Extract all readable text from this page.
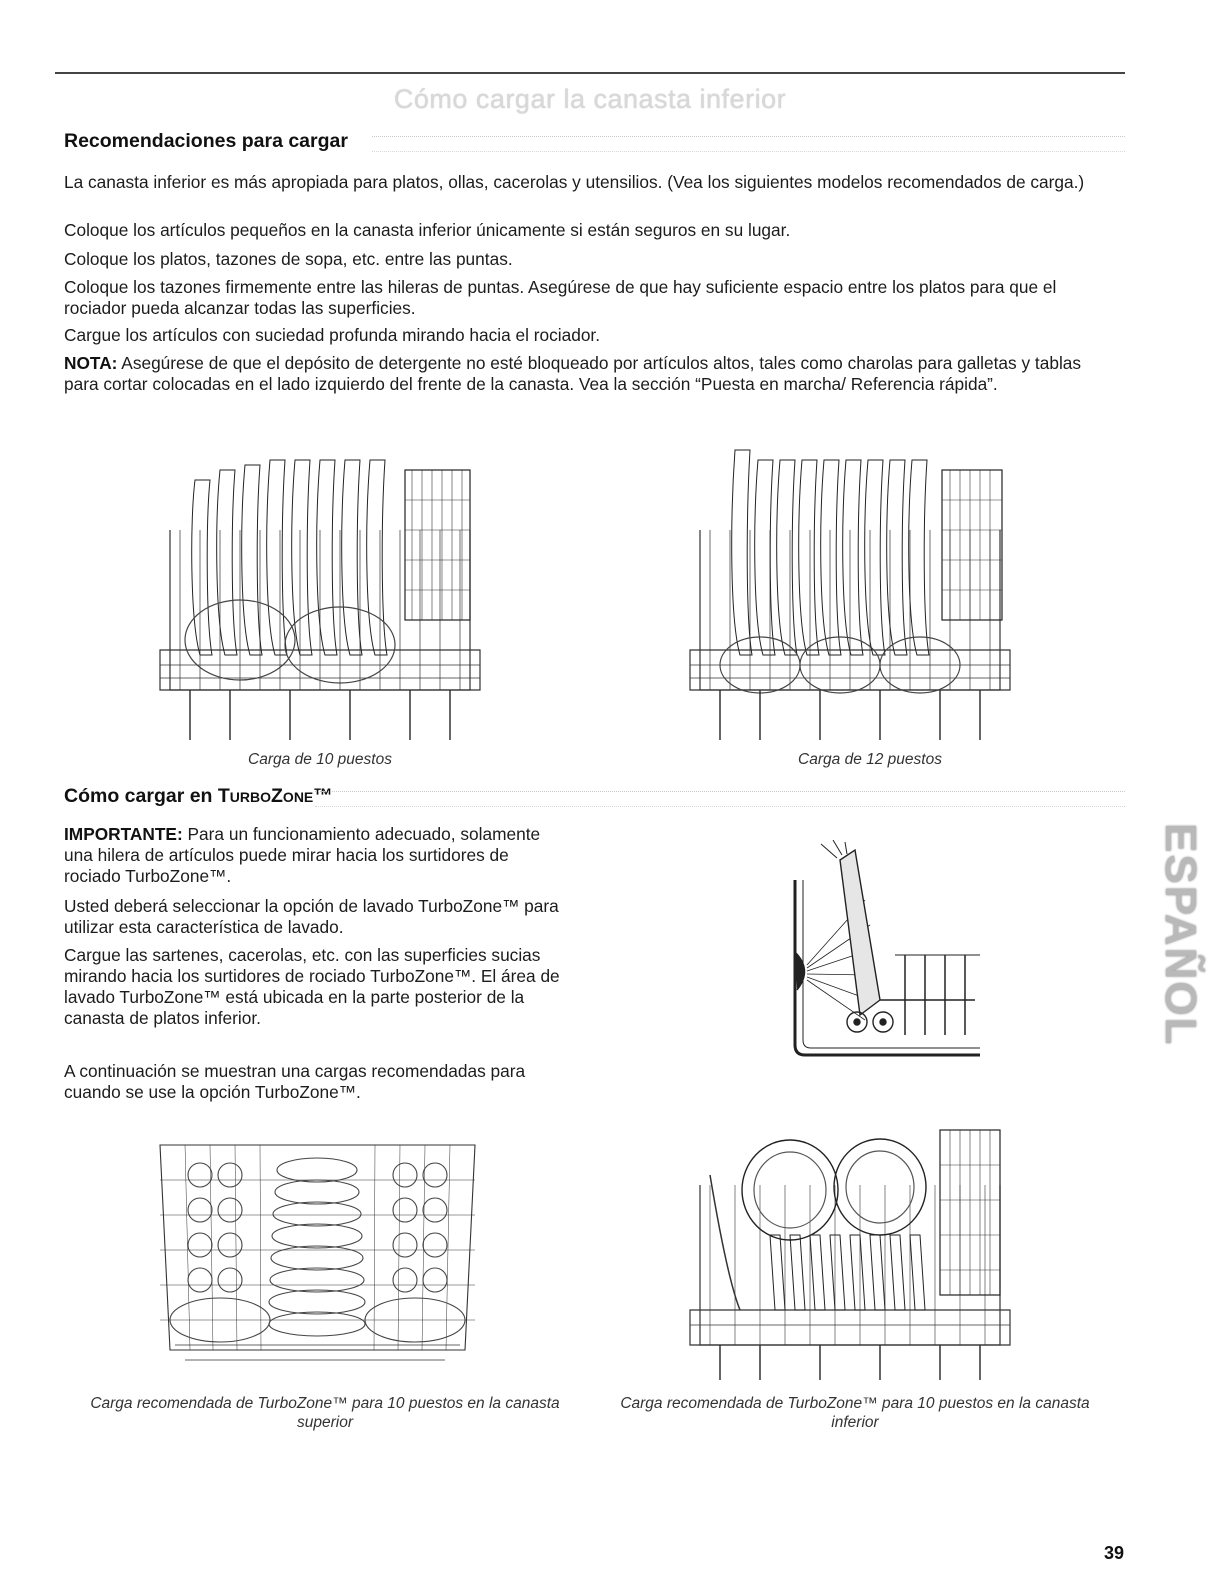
Cómo cargar la canasta inferior
Recomendaciones para cargar
La canasta inferior es más apropiada para platos, ollas, cacerolas y utensilios. (Vea los siguientes modelos recomendados de carga.)
Coloque los artículos pequeños en la canasta inferior únicamente si están seguros en su lugar.
Coloque los platos, tazones de sopa, etc. entre las puntas.
Coloque los tazones firmemente entre las hileras de puntas. Asegúrese de que hay suficiente espacio entre los platos para que el rociador pueda alcanzar todas las superficies.
Cargue los artículos con suciedad profunda mirando hacia el rociador.
NOTA: Asegúrese de que el depósito de detergente no esté bloqueado por artículos altos, tales como charolas para galletas y tablas para cortar colocadas en el lado izquierdo del frente de la canasta. Vea la sección “Puesta en marcha/ Referencia rápida”.
Carga de 10 puestos	Carga de 12 puestos
Cómo cargar en TurboZone™
IMPORTANTE: Para un funcionamiento adecuado, solamente una hilera de artículos puede mirar hacia los surtidores de rociado TurboZone™.
Usted deberá seleccionar la opción de lavado TurboZone™ para utilizar esta característica de lavado.
Cargue las sartenes, cacerolas, etc. con las superficies sucias mirando hacia los surtidores de rociado TurboZone™. El área de lavado TurboZone™ está ubicada en la parte posterior de la canasta de platos inferior.
A continuación se muestran una cargas recomendadas para cuando se use la opción TurboZone™.
Carga recomendada de TurboZone™ para 10 puestos en la canasta superior
Carga recomendada de TurboZone™ para 10 puestos en la canasta inferior
ESPAÑOL
39
